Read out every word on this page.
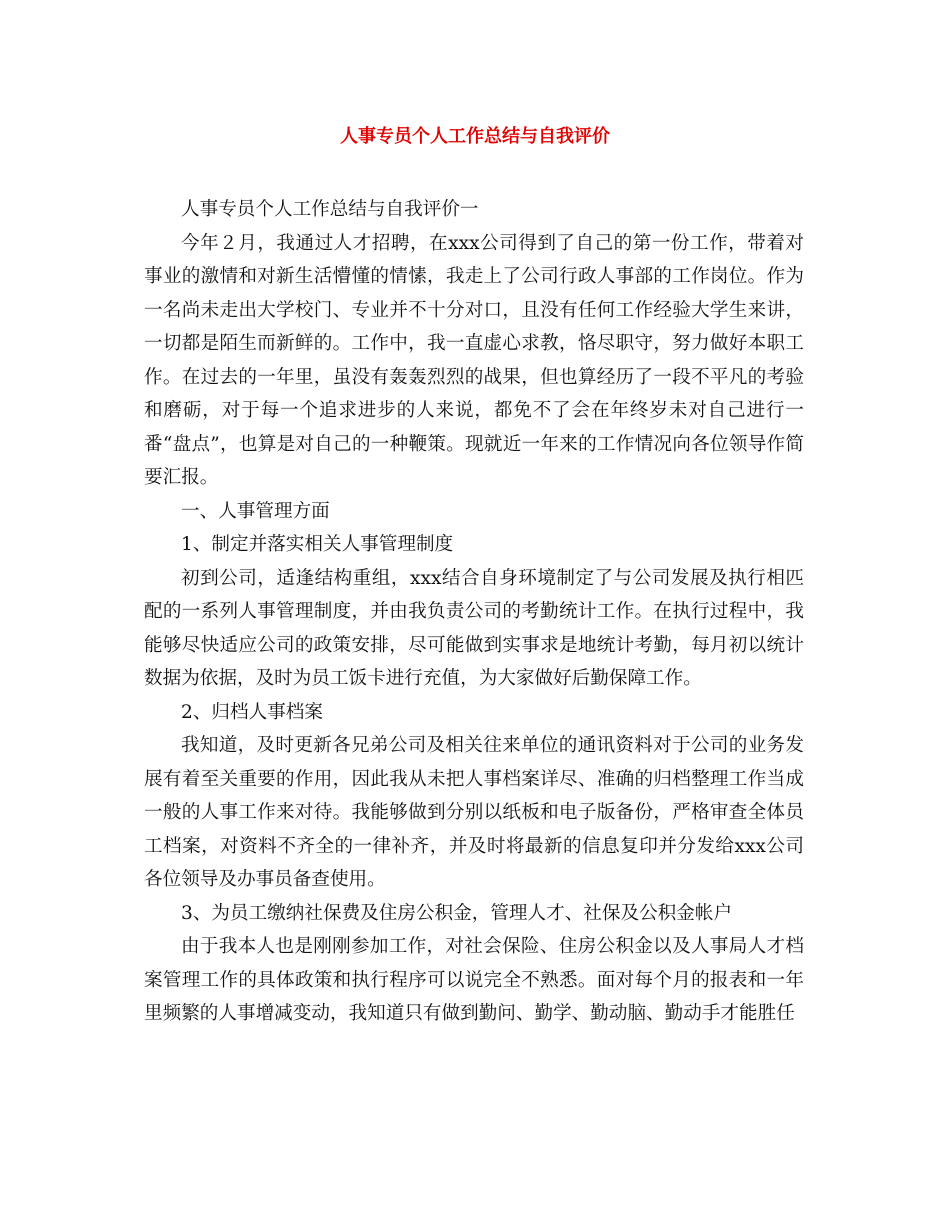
人事专员个人工作总结与自我评价

人事专员个人工作总结与自我评价一

今年２月，我通过人才招聘，在xxx公司得到了自己的第一份工作，带着对事业的激情和对新生活懵懂的情愫，我走上了公司行政人事部的工作岗位。作为一名尚未走出大学校门、专业并不十分对口，且没有任何工作经验大学生来讲，一切都是陌生而新鲜的。工作中，我一直虚心求教，恪尽职守，努力做好本职工作。在过去的一年里，虽没有轰轰烈烈的战果，但也算经历了一段不平凡的考验和磨砺，对于每一个追求进步的人来说，都免不了会在年终岁未对自己进行一番“盘点”，也算是对自己的一种鞭策。现就近一年来的工作情况向各位领导作简要汇报。

一、人事管理方面

1、制定并落实相关人事管理制度

初到公司，适逢结构重组，xxx结合自身环境制定了与公司发展及执行相匹配的一系列人事管理制度，并由我负责公司的考勤统计工作。在执行过程中，我能够尽快适应公司的政策安排，尽可能做到实事求是地统计考勤，每月初以统计数据为依据，及时为员工饭卡进行充值，为大家做好后勤保障工作。

2、归档人事档案

我知道，及时更新各兄弟公司及相关往来单位的通讯资料对于公司的业务发展有着至关重要的作用，因此我从未把人事档案详尽、准确的归档整理工作当成一般的人事工作来对待。我能够做到分别以纸板和电子版备份，严格审查全体员工档案，对资料不齐全的一律补齐，并及时将最新的信息复印并分发给xxx公司各位领导及办事员备查使用。

3、为员工缴纳社保费及住房公积金，管理人才、社保及公积金帐户

由于我本人也是刚刚参加工作，对社会保险、住房公积金以及人事局人才档案管理工作的具体政策和执行程序可以说完全不熟悉。面对每个月的报表和一年里频繁的人事增减变动，我知道只有做到勤问、勤学、勤动脑、勤动手才能胜任
